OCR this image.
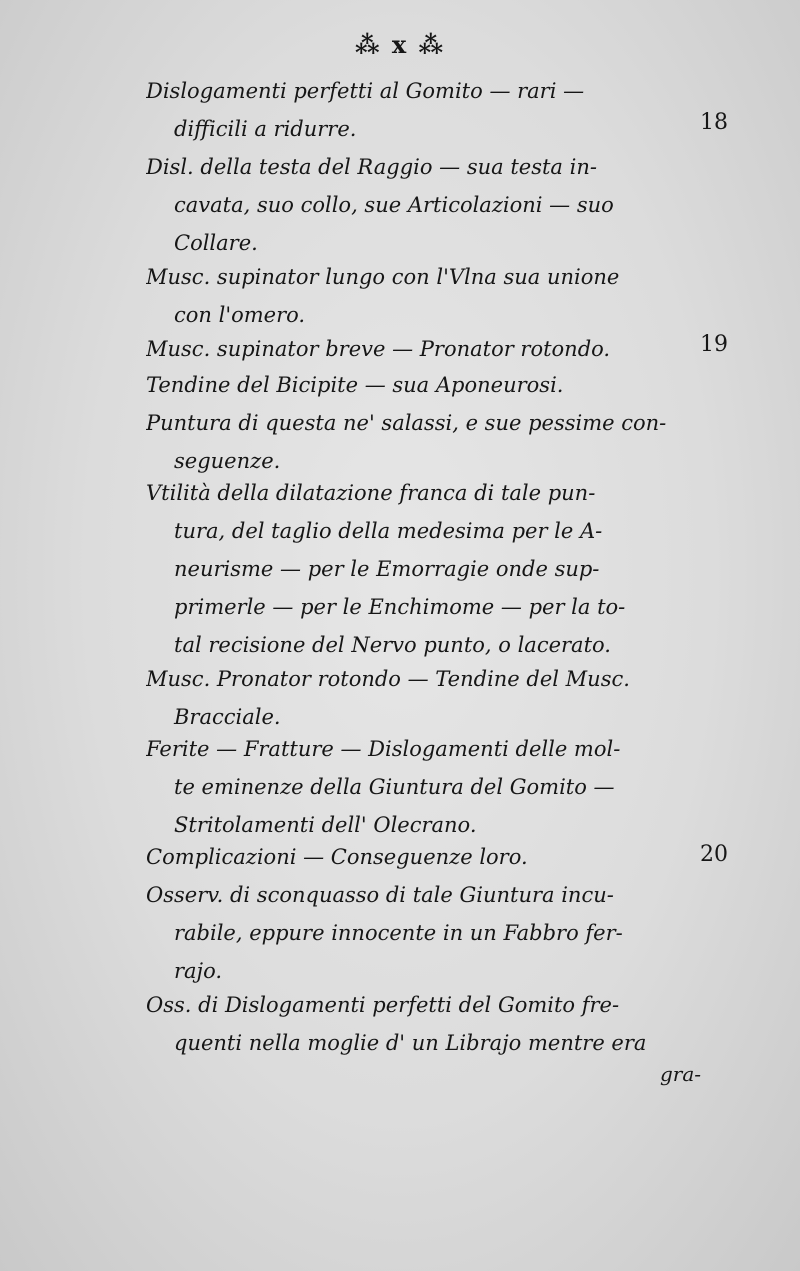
⁂ x ⁂
Dislogamenti perfetti al Gomito — rari —
difficili a ridurre.
Disl. della testa del Raggio — sua testa in-
cavata, suo collo, sue Articolazioni — suo
Collare.
Musc. supinator lungo con l'Vlna sua unione
con l'omero.
Musc. supinator breve — Pronator rotondo.
Tendine del Bicipite — sua Aponeurosi.
Puntura di questa ne' salassi, e sue pessime con-
seguenze.
Vtilità della dilatazione franca di tale pun-
tura, del taglio della medesima per le A-
neurisme — per le Emorragie onde sup-
primerle — per le Enchimome — per la to-
tal recisione del Nervo punto, o lacerato.
Musc. Pronator rotondo — Tendine del Musc.
Bracciale.
Ferite — Fratture — Dislogamenti delle mol-
te eminenze della Giuntura del Gomito —
Stritolamenti dell' Olecrano.
Complicazioni — Conseguenze loro.
Osserv. di sconquasso di tale Giuntura incu-
rabile, eppure innocente in un Fabbro fer-
rajo.
Oss. di Dislogamenti perfetti del Gomito fre-
quenti nella moglie d' un Librajo mentre era
18
19
20
gra-
